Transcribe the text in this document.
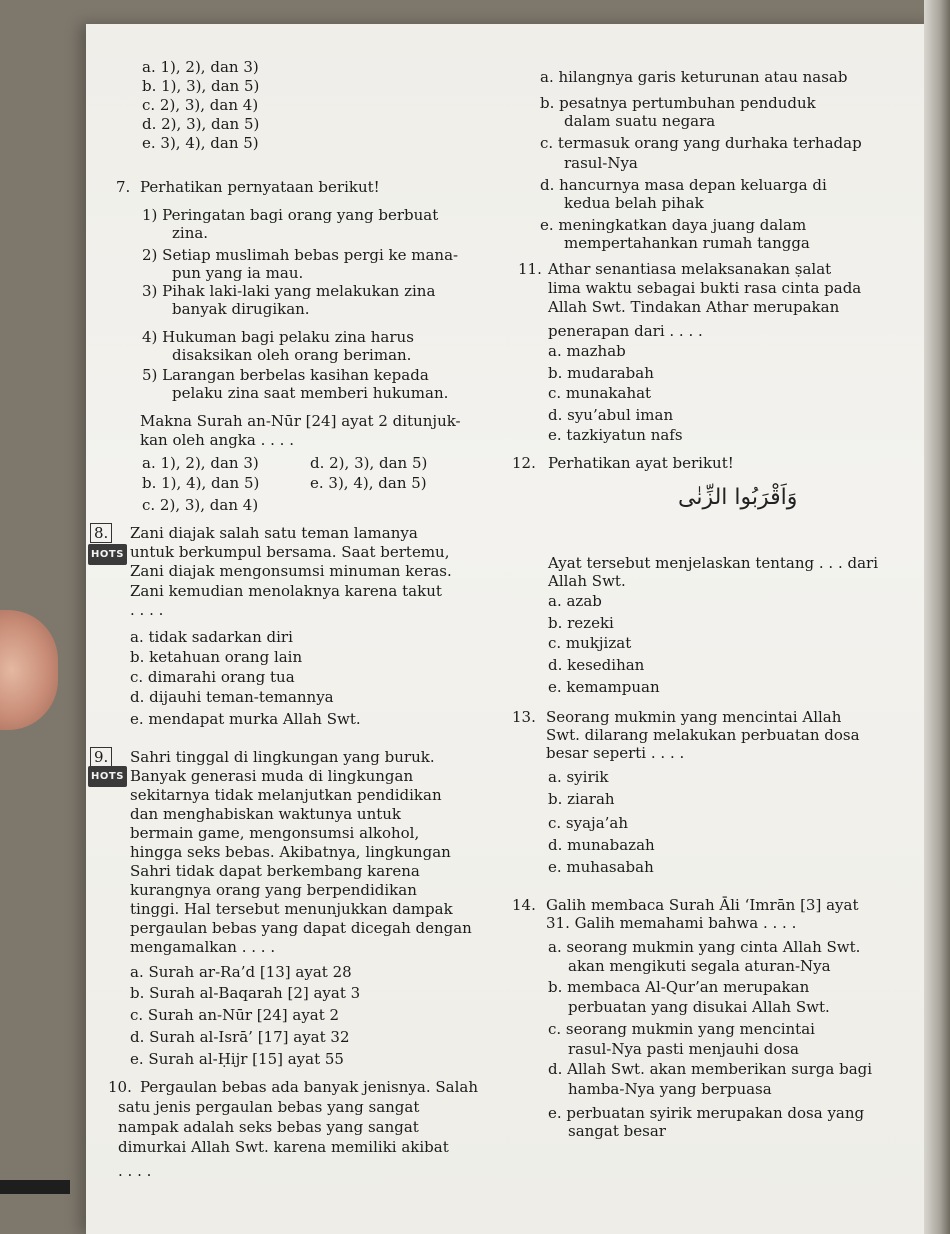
a. 1), 2), dan 3)
b. 1), 3), dan 5)
c. 2), 3), dan 4)
d. 2), 3), dan 5)
e. 3), 4), dan 5)
7. Perhatikan pernyataan berikut!
1) Peringatan bagi orang yang berbuat
zina.
2) Setiap muslimah bebas pergi ke mana-
pun yang ia mau.
3) Pihak laki-laki yang melakukan zina
banyak dirugikan.
4) Hukuman bagi pelaku zina harus
disaksikan oleh orang beriman.
5) Larangan berbelas kasihan kepada
pelaku zina saat memberi hukuman.
Makna Surah an-Nūr [24] ayat 2 ditunjuk-
kan oleh angka . . . .
a. 1), 2), dan 3)
b. 1), 4), dan 5)
c. 2), 3), dan 4)
d. 2), 3), dan 5)
e. 3), 4), dan 5)
8.
HOTS
Zani diajak salah satu teman lamanya
untuk berkumpul bersama. Saat bertemu,
Zani diajak mengonsumsi minuman keras.
Zani kemudian menolaknya karena takut
. . . .
a. tidak sadarkan diri
b. ketahuan orang lain
c. dimarahi orang tua
d. dijauhi teman-temannya
e. mendapat murka Allah Swt.
9.
HOTS
Sahri tinggal di lingkungan yang buruk.
Banyak generasi muda di lingkungan
sekitarnya tidak melanjutkan pendidikan
dan menghabiskan waktunya untuk
bermain game, mengonsumsi alkohol,
hingga seks bebas. Akibatnya, lingkungan
Sahri tidak dapat berkembang karena
kurangnya orang yang berpendidikan
tinggi. Hal tersebut menunjukkan dampak
pergaulan bebas yang dapat dicegah dengan
mengamalkan . . . .
a. Surah ar-Ra’d [13] ayat 28
b. Surah al-Baqarah [2] ayat 3
c. Surah an-Nūr [24] ayat 2
d. Surah al-Isrā’ [17] ayat 32
e. Surah al-Ḥijr [15] ayat 55
10. Pergaulan bebas ada banyak jenisnya. Salah
satu jenis pergaulan bebas yang sangat
nampak adalah seks bebas yang sangat
dimurkai Allah Swt. karena memiliki akibat
. . . .
a. hilangnya garis keturunan atau nasab
b. pesatnya pertumbuhan penduduk
dalam suatu negara
c. termasuk orang yang durhaka terhadap
rasul-Nya
d. hancurnya masa depan keluarga di
kedua belah pihak
e. meningkatkan daya juang dalam
mempertahankan rumah tangga
11. Athar senantiasa melaksanakan ṣalat
lima waktu sebagai bukti rasa cinta pada
Allah Swt. Tindakan Athar merupakan
penerapan dari . . . .
a. mazhab
b. mudarabah
c. munakahat
d. syu’abul iman
e. tazkiyatun nafs
12. Perhatikan ayat berikut!
وَاَقْرَبُوا الزِّنٰى
Ayat tersebut menjelaskan tentang . . . dari
Allah Swt.
a. azab
b. rezeki
c. mukjizat
d. kesedihan
e. kemampuan
13. Seorang mukmin yang mencintai Allah
Swt. dilarang melakukan perbuatan dosa
besar seperti . . . .
a. syirik
b. ziarah
c. syaja’ah
d. munabazah
e. muhasabah
14. Galih membaca Surah Āli ‘Imrān [3] ayat
31. Galih memahami bahwa . . . .
a. seorang mukmin yang cinta Allah Swt.
akan mengikuti segala aturan-Nya
b. membaca Al-Qur’an merupakan
perbuatan yang disukai Allah Swt.
c. seorang mukmin yang mencintai
rasul-Nya pasti menjauhi dosa
d. Allah Swt. akan memberikan surga bagi
hamba-Nya yang berpuasa
e. perbuatan syirik merupakan dosa yang
sangat besar
